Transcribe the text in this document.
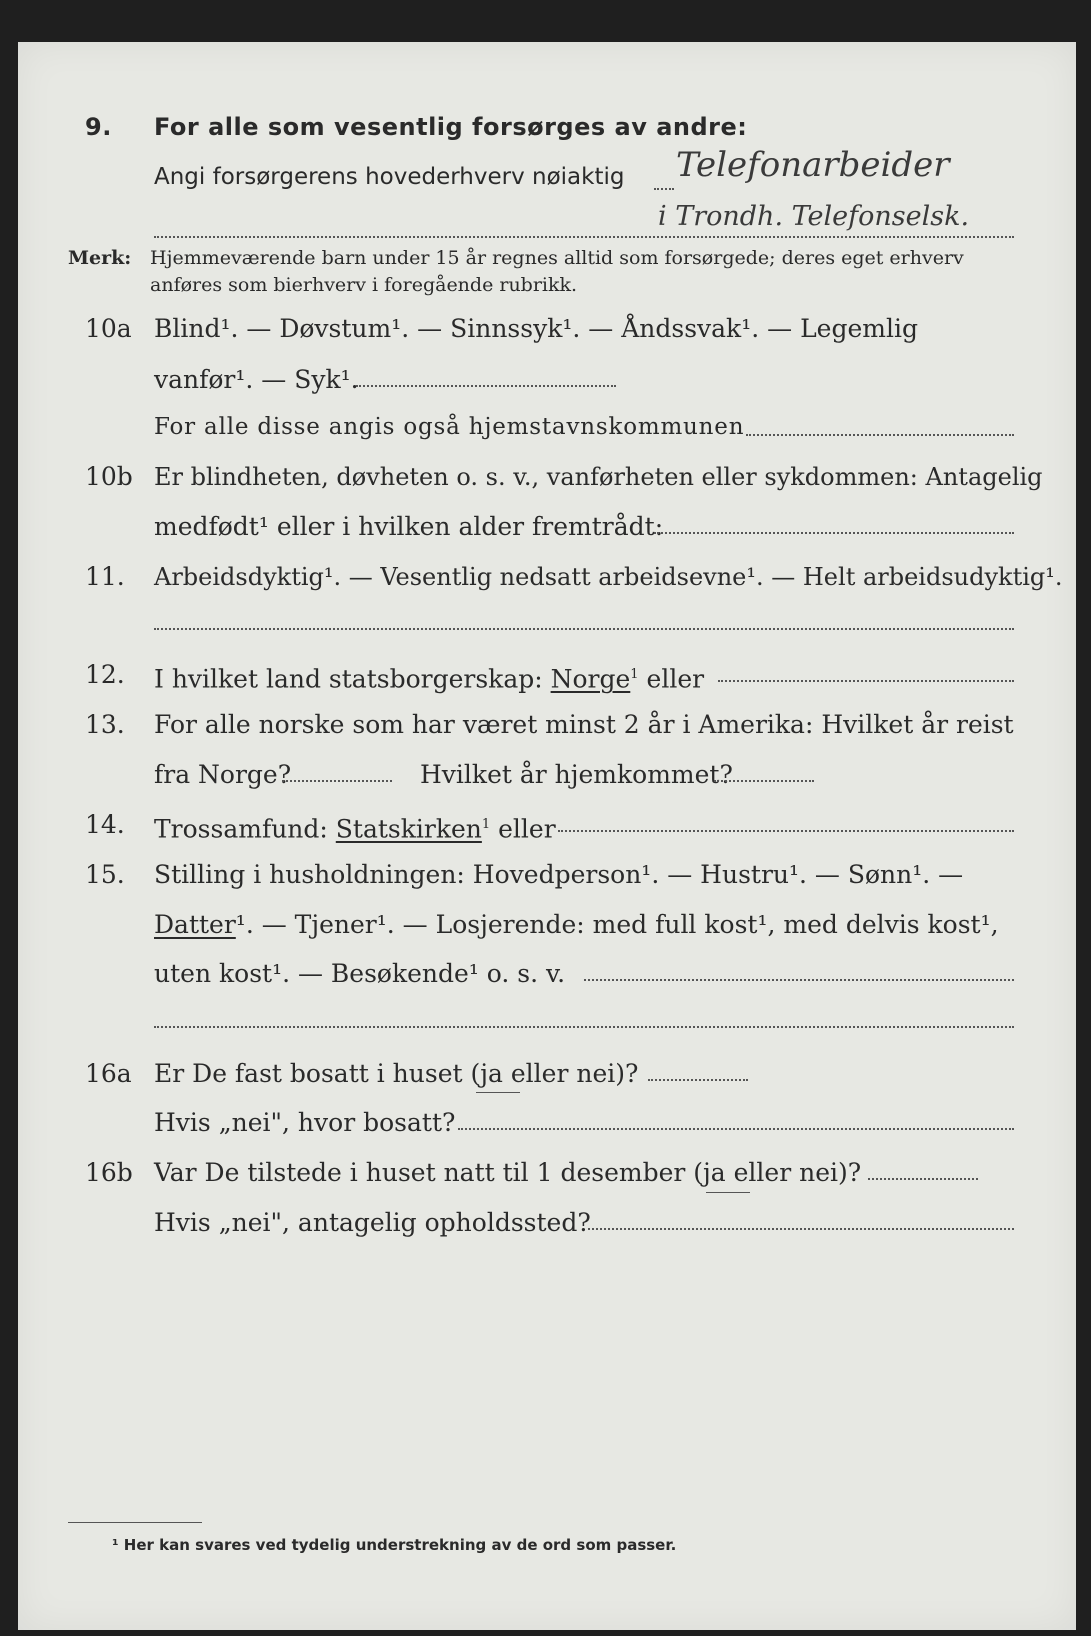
9. For alle som vesentlig forsørges av andre:
Angi forsørgerens hovederhverv nøiaktig Telefonarbeider
i Trondh. Telefonselsk.
Merk: Hjemmeværende barn under 15 år regnes alltid som forsørgede; deres eget erhverv
anføres som bierhverv i foregående rubrikk.
10a Blind¹. — Døvstum¹. — Sinnssyk¹. — Åndssvak¹. — Legemlig
vanfør¹. — Syk¹.
For alle disse angis også hjemstavnskommunen
10b Er blindheten, døvheten o. s. v., vanførheten eller sykdommen: Antagelig
medfødt¹ eller i hvilken alder fremtrådt:
11. Arbeidsdyktig¹. — Vesentlig nedsatt arbeidsevne¹. — Helt arbeidsudyktig¹.
12. I hvilket land statsborgerskap: Norge$^1$ eller
13. For alle norske som har været minst 2 år i Amerika: Hvilket år reist
fra Norge?	Hvilket år hjemkommet?
14. Trossamfund: Statskirken$^1$ eller
15. Stilling i husholdningen: Hovedperson¹. — Hustru¹. — Sønn¹. —
Datter¹. — Tjener¹. — Losjerende: med full kost¹, med delvis kost¹,
uten kost¹. — Besøkende¹ o. s. v.
16a Er De fast bosatt i huset (ja eller nei)?
Hvis „nei", hvor bosatt?
16b Var De tilstede i huset natt til 1 desember (ja eller nei)?
Hvis „nei", antagelig opholdssted?
¹ Her kan svares ved tydelig understrekning av de ord som passer.
